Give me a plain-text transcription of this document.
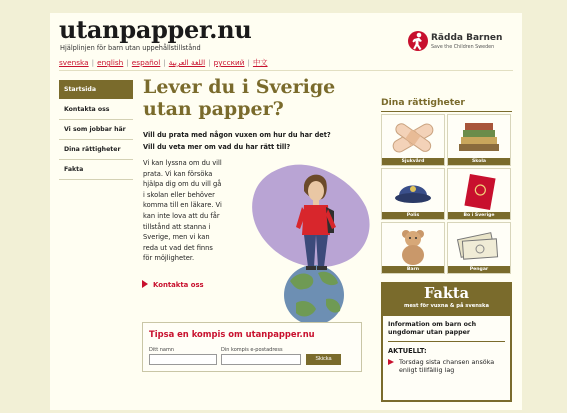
utanpapper.nu
Hjälplinjen för barn utan uppehållstillstånd
Rädda Barnen
Save the Children Sweden
svenska | english | español | اللغة العربية | русский | 中文
Startsida
Kontakta oss
Vi som jobbar här
Dina rättigheter
Fakta
Lever du i Sverige
utan papper?
Vill du prata med någon vuxen om hur du har det?
Vill du veta mer om vad du har rätt till?
Vi kan lyssna om du vill prata. Vi kan försöka hjälpa dig om du vill gå i skolan eller behöver komma till en läkare. Vi kan inte lova att du får tillstånd att stanna i Sverige, men vi kan reda ut vad det finns för möjligheter.
Kontakta oss
Tipsa en kompis om utanpapper.nu
Ditt namn	Din kompis e-postadress
Skicka
Dina rättigheter
Sjukvård	Skola
Polis	Bo i Sverige
Barn	Pengar
Fakta
mest för vuxna & på svenska
Information om barn och ungdomar utan papper
AKTUELLT:
Torsdag sista chansen ansöka enligt tillfällig lag
